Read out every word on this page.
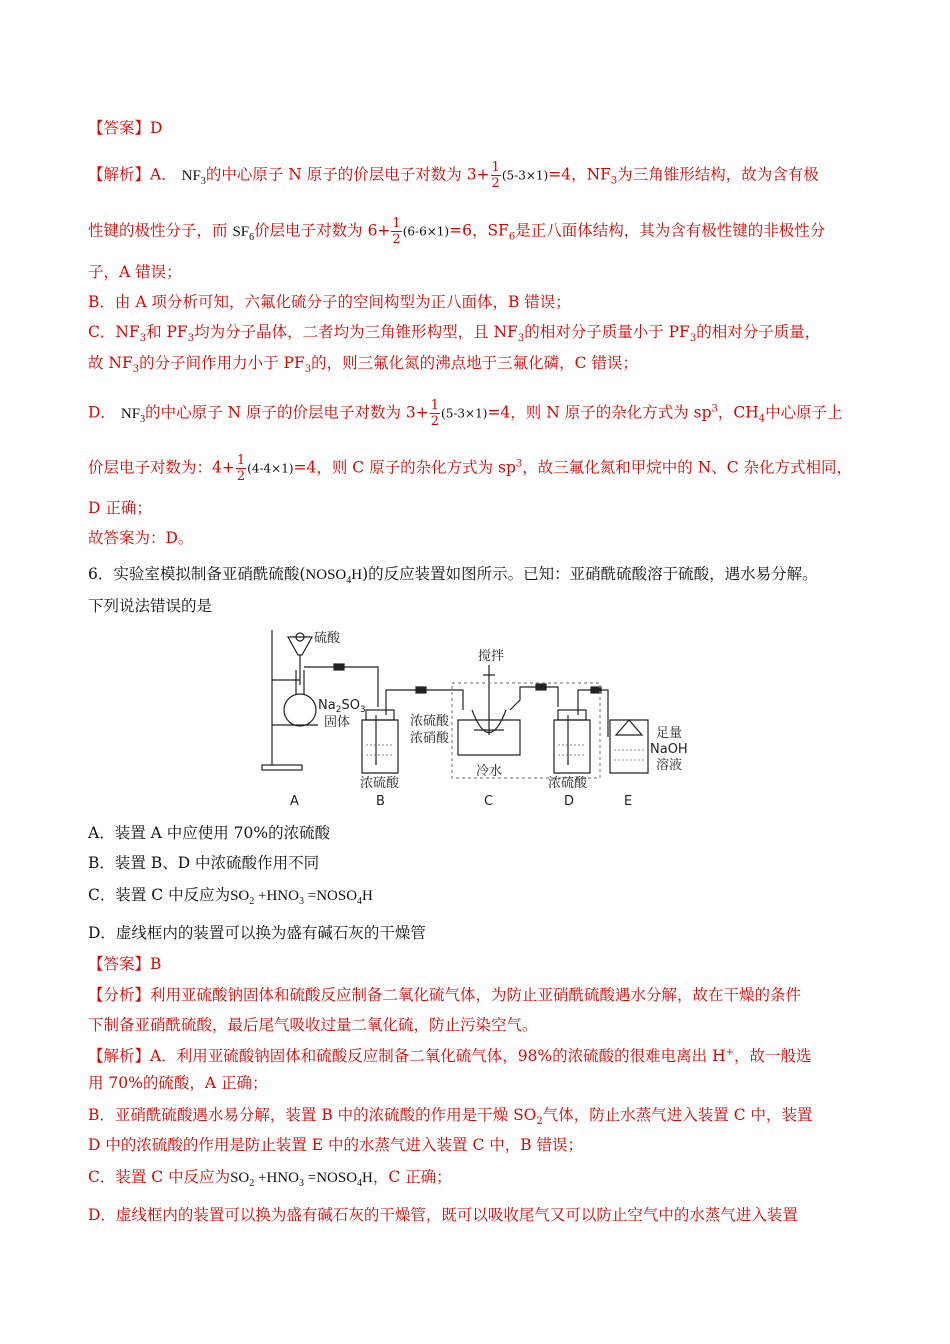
【答案】D
【解析】A． $NF_3$的中心原子 N 原子的价层电子对数为 $3+ \frac{1}{2} (5-3\times 1)=4$，$NF_3$为三角锥形结构，故为含有极
性键的极性分子，而 $SF_6$价层电子对数为 $6+ \frac{1}{2} (6-6\times 1)=6$，$SF_6$是正八面体结构，其为含有极性键的非极性分
子，A 错误；
B．由 A 项分析可知，六氟化硫分子的空间构型为正八面体，B 错误；
C．$NF_3$和 $PF_3$均为分子晶体，二者均为三角锥形构型，且 $NF_3$的相对分子质量小于 $PF_3$的相对分子质量，
故 $NF_3$的分子间作用力小于 $PF_3$的，则三氟化氮的沸点地于三氟化磷，C 错误；
D． $NF_3$的中心原子 N 原子的价层电子对数为 $3+ \frac{1}{2} (5-3\times 1)=4$，则 N 原子的杂化方式为 $sp^3$，$CH_4$中心原子上
价层电子对数为：$4+ \frac{1}{2} (4-4\times 1)=4$，则 C 原子的杂化方式为 $sp^3$，故三氟化氮和甲烷中的 N、C 杂化方式相同，
D 正确；
故答案为：D。
6．实验室模拟制备亚硝酰硫酸$(NOSO_4H)$的反应装置如图所示。已知：亚硝酰硫酸溶于硫酸，遇水易分解。
下列说法错误的是
硫酸
$Na_2SO_3$
固体
搅拌
浓硫酸
浓硝酸
冷水
浓硫酸	浓硫酸
足量
NaOH
溶液
A	B	C	D	E
A．装置 A 中应使用 70%的浓硫酸
B．装置 B、D 中浓硫酸作用不同
C．装置 C 中反应为$SO_2 +HNO_3$ $=NOSO_4H$
D．虚线框内的装置可以换为盛有碱石灰的干燥管
【答案】B
【分析】利用亚硫酸钠固体和硫酸反应制备二氧化硫气体，为防止亚硝酰硫酸遇水分解，故在干燥的条件
下制备亚硝酰硫酸，最后尾气吸收过量二氧化硫，防止污染空气。
【解析】A．利用亚硫酸钠固体和硫酸反应制备二氧化硫气体，98%的浓硫酸的很难电离出 H+，故一般选
用 70%的硫酸，A 正确；
B．亚硝酰硫酸遇水易分解，装置 B 中的浓硫酸的作用是干燥 $SO_2$气体，防止水蒸气进入装置 C 中，装置
D 中的浓硫酸的作用是防止装置 E 中的水蒸气进入装置 C 中，B 错误；
C．装置 C 中反应为$SO_2 +HNO_3$ $=NOSO_4H$，C 正确；
D．虚线框内的装置可以换为盛有碱石灰的干燥管，既可以吸收尾气又可以防止空气中的水蒸气进入装置
